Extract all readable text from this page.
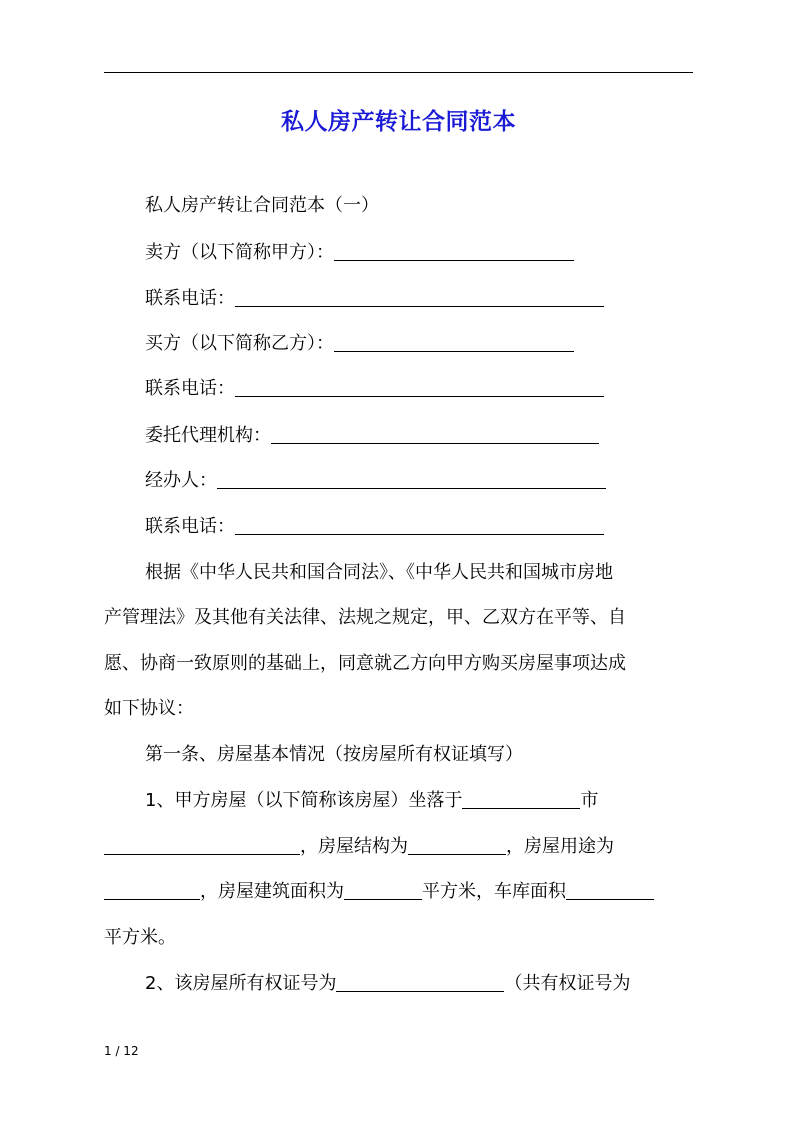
私人房产转让合同范本
私人房产转让合同范本（一）
卖方（以下简称甲方）：
联系电话：
买方（以下简称乙方）：
联系电话：
委托代理机构：
经办人：
联系电话：
根据《中华人民共和国合同法》、《中华人民共和国城市房地
产管理法》及其他有关法律、法规之规定，甲、乙双方在平等、自
愿、协商一致原则的基础上，同意就乙方向甲方购买房屋事项达成
如下协议：
第一条、房屋基本情况（按房屋所有权证填写）
1、甲方房屋（以下简称该房屋）坐落于	市
，房屋结构为	，房屋用途为
，房屋建筑面积为	平方米，车库面积
平方米。
2、该房屋所有权证号为	（共有权证号为
1 / 12
